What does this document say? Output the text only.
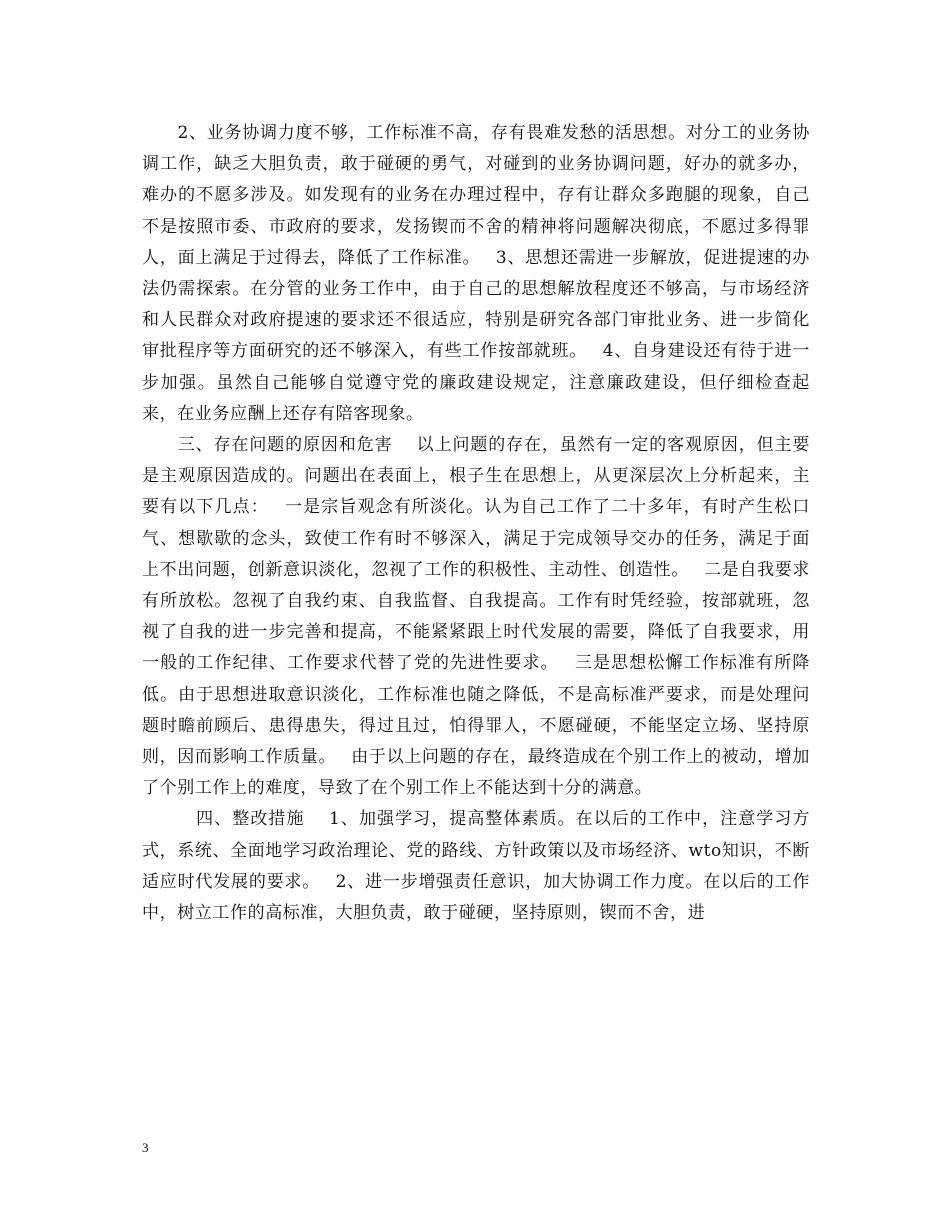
　　2、业务协调力度不够，工作标准不高，存有畏难发愁的活思想。对分工的业务协调工作，缺乏大胆负责，敢于碰硬的勇气，对碰到的业务协调问题，好办的就多办，难办的不愿多涉及。如发现有的业务在办理过程中，存有让群众多跑腿的现象，自己不是按照市委、市政府的要求，发扬锲而不舍的精神将问题解决彻底，不愿过多得罪人，面上满足于过得去，降低了工作标准。　 3、思想还需进一步解放，促进提速的办法仍需探索。在分管的业务工作中，由于自己的思想解放程度还不够高，与市场经济和人民群众对政府提速的要求还不很适应，特别是研究各部门审批业务、进一步简化审批程序等方面研究的还不够深入，有些工作按部就班。　 4、自身建设还有待于进一步加强。虽然自己能够自觉遵守党的廉政建设规定，注意廉政建设，但仔细检查起来，在业务应酬上还存有陪客现象。

　　三、存在问题的原因和危害　 以上问题的存在，虽然有一定的客观原因，但主要是主观原因造成的。问题出在表面上，根子生在思想上，从更深层次上分析起来，主要有以下几点：　 一是宗旨观念有所淡化。认为自己工作了二十多年，有时产生松口气、想歇歇的念头，致使工作有时不够深入，满足于完成领导交办的任务，满足于面上不出问题，创新意识淡化，忽视了工作的积极性、主动性、创造性。　 二是自我要求有所放松。忽视了自我约束、自我监督、自我提高。工作有时凭经验，按部就班，忽视了自我的进一步完善和提高，不能紧紧跟上时代发展的需要，降低了自我要求，用一般的工作纪律、工作要求代替了党的先进性要求。　 三是思想松懈工作标准有所降低。由于思想进取意识淡化，工作标准也随之降低，不是高标准严要求，而是处理问题时瞻前顾后、患得患失，得过且过，怕得罪人，不愿碰硬，不能坚定立场、坚持原则，因而影响工作质量。　 由于以上问题的存在，最终造成在个别工作上的被动，增加了个别工作上的难度，导致了在个别工作上不能达到十分的满意。

　　　四、整改措施　 1、加强学习，提高整体素质。在以后的工作中，注意学习方式，系统、全面地学习政治理论、党的路线、方针政策以及市场经济、wto知识，不断适应时代发展的要求。　 2、进一步增强责任意识，加大协调工作力度。在以后的工作中，树立工作的高标准，大胆负责，敢于碰硬，坚持原则，锲而不舍，进

3
